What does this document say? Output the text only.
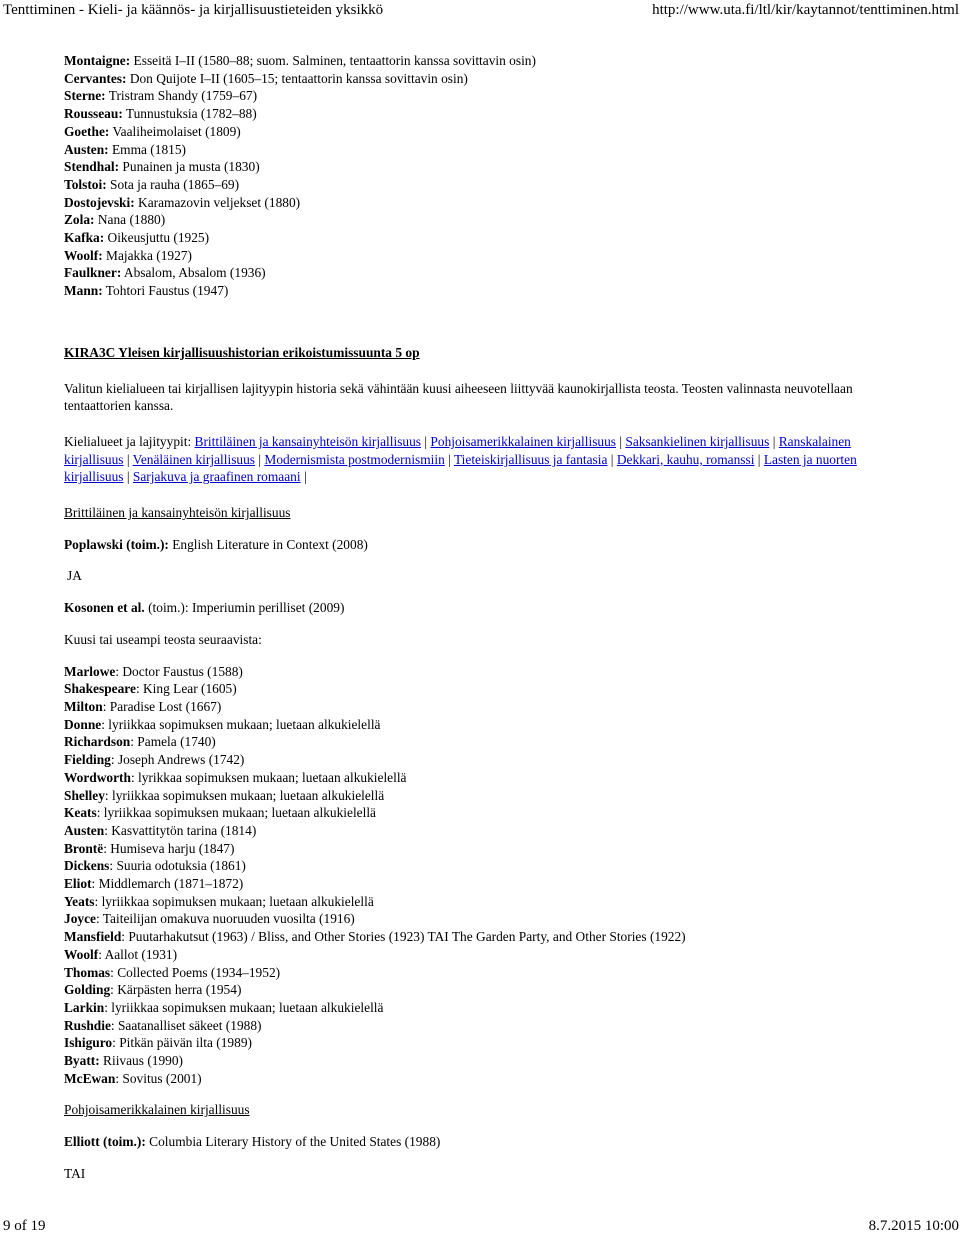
Tenttiminen - Kieli- ja käännös- ja kirjallisuustieteiden yksikkö	http://www.uta.fi/ltl/kir/kaytannot/tenttiminen.html
Montaigne: Esseitä I–II (1580–88; suom. Salminen, tentaattorin kanssa sovittavin osin)
Cervantes: Don Quijote I–II (1605–15; tentaattorin kanssa sovittavin osin)
Sterne: Tristram Shandy (1759–67)
Rousseau: Tunnustuksia (1782–88)
Goethe: Vaaliheimolaiset (1809)
Austen: Emma (1815)
Stendhal: Punainen ja musta (1830)
Tolstoi: Sota ja rauha (1865–69)
Dostojevski: Karamazovin veljekset (1880)
Zola: Nana (1880)
Kafka: Oikeusjuttu (1925)
Woolf: Majakka (1927)
Faulkner: Absalom, Absalom (1936)
Mann: Tohtori Faustus (1947)
KIRA3C Yleisen kirjallisuushistorian erikoistumissuunta 5 op

Valitun kielialueen tai kirjallisen lajityypin historia sekä vähintään kuusi aiheeseen liittyvää kaunokirjallista teosta. Teosten valinnasta neuvotellaan tentaattorien kanssa.

Kielialueet ja lajityypit: Brittiläinen ja kansainyhteisön kirjallisuus | Pohjoisamerikkalainen kirjallisuus | Saksankielinen kirjallisuus | Ranskalainen kirjallisuus | Venäläinen kirjallisuus | Modernismista postmodernismiin | Tieteiskirjallisuus ja fantasia | Dekkari, kauhu, romanssi | Lasten ja nuorten kirjallisuus | Sarjakuva ja graafinen romaani |

Brittiläinen ja kansainyhteisön kirjallisuus
Poplawski (toim.): English Literature in Context (2008)
JA
Kosonen et al. (toim.): Imperiumin perilliset (2009)
Kuusi tai useampi teosta seuraavista:
Marlowe: Doctor Faustus (1588)
Shakespeare: King Lear (1605)
Milton: Paradise Lost (1667)
Donne: lyriikkaa sopimuksen mukaan; luetaan alkukielellä
Richardson: Pamela (1740)
Fielding: Joseph Andrews (1742)
Wordworth: lyrikkaa sopimuksen mukaan; luetaan alkukielellä
Shelley: lyriikkaa sopimuksen mukaan; luetaan alkukielellä
Keats: lyriikkaa sopimuksen mukaan; luetaan alkukielellä
Austen: Kasvattitytön tarina (1814)
Brontë: Humiseva harju (1847)
Dickens: Suuria odotuksia (1861)
Eliot: Middlemarch (1871–1872)
Yeats: lyriikkaa sopimuksen mukaan; luetaan alkukielellä
Joyce: Taiteilijan omakuva nuoruuden vuosilta (1916)
Mansfield: Puutarhakutsut (1963) / Bliss, and Other Stories (1923) TAI The Garden Party, and Other Stories (1922)
Woolf: Aallot (1931)
Thomas: Collected Poems (1934–1952)
Golding: Kärpästen herra (1954)
Larkin: lyriikkaa sopimuksen mukaan; luetaan alkukielellä
Rushdie: Saatanalliset säkeet (1988)
Ishiguro: Pitkän päivän ilta (1989)
Byatt: Riivaus (1990)
McEwan: Sovitus (2001)
Pohjoisamerikkalainen kirjallisuus
Elliott (toim.): Columbia Literary History of the United States (1988)
TAI
9 of 19	8.7.2015 10:00
